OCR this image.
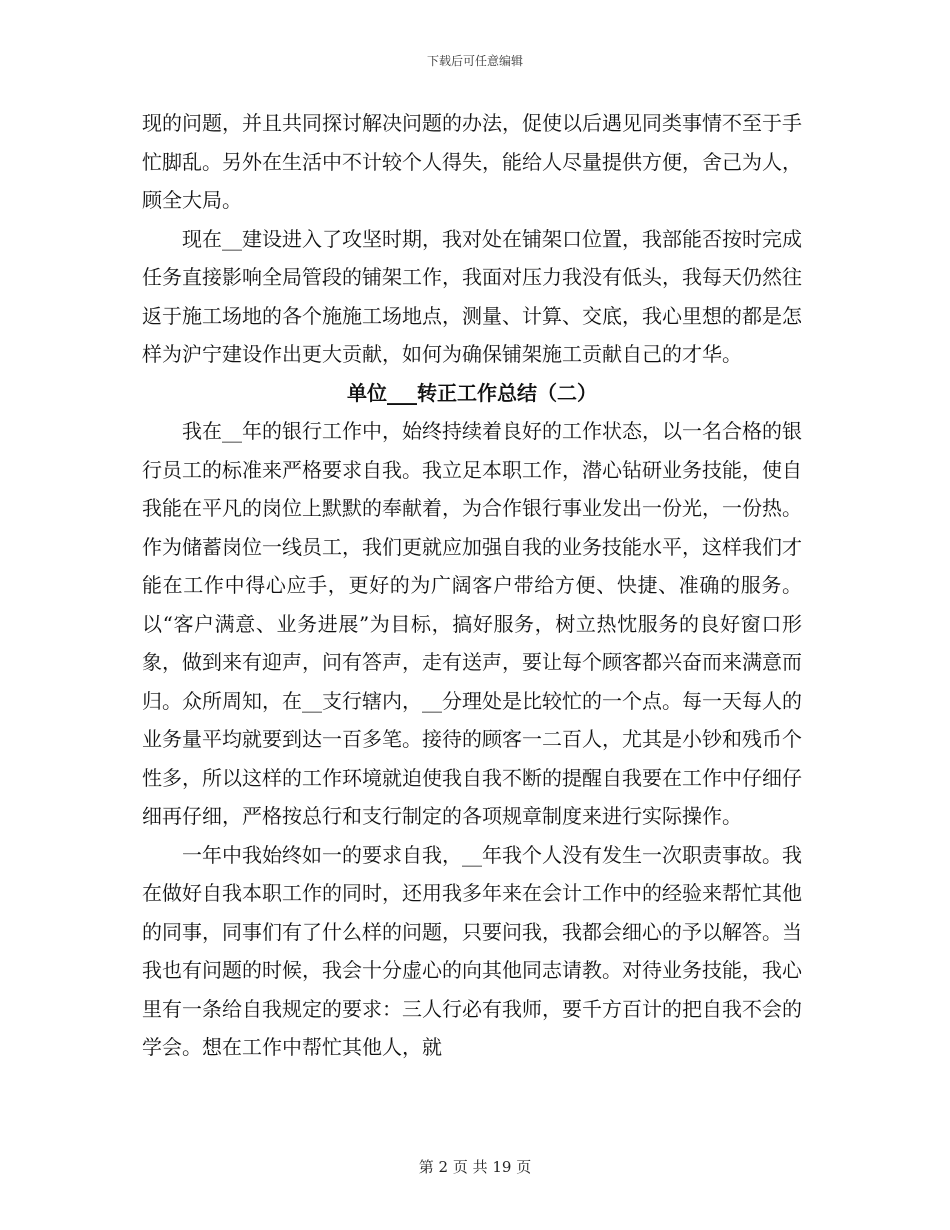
下载后可任意编辑

现的问题，并且共同探讨解决问题的办法，促使以后遇见同类事情不至于手忙脚乱。另外在生活中不计较个人得失，能给人尽量提供方便，舍己为人，顾全大局。

现在__建设进入了攻坚时期，我对处在铺架口位置，我部能否按时完成任务直接影响全局管段的铺架工作，我面对压力我没有低头，我每天仍然往返于施工场地的各个施施工场地点，测量、计算、交底，我心里想的都是怎样为沪宁建设作出更大贡献，如何为确保铺架施工贡献自己的才华。

单位___转正工作总结（二）

我在__年的银行工作中，始终持续着良好的工作状态，以一名合格的银行员工的标准来严格要求自我。我立足本职工作，潜心钻研业务技能，使自我能在平凡的岗位上默默的奉献着，为合作银行事业发出一份光，一份热。作为储蓄岗位一线员工，我们更就应加强自我的业务技能水平，这样我们才能在工作中得心应手，更好的为广阔客户带给方便、快捷、准确的服务。以“客户满意、业务进展”为目标，搞好服务，树立热忱服务的良好窗口形象，做到来有迎声，问有答声，走有送声，要让每个顾客都兴奋而来满意而归。众所周知，在__支行辖内，__分理处是比较忙的一个点。每一天每人的业务量平均就要到达一百多笔。接待的顾客一二百人，尤其是小钞和残币个性多，所以这样的工作环境就迫使我自我不断的提醒自我要在工作中仔细仔细再仔细，严格按总行和支行制定的各项规章制度来进行实际操作。

一年中我始终如一的要求自我，__年我个人没有发生一次职责事故。我在做好自我本职工作的同时，还用我多年来在会计工作中的经验来帮忙其他的同事，同事们有了什么样的问题，只要问我，我都会细心的予以解答。当我也有问题的时候，我会十分虚心的向其他同志请教。对待业务技能，我心里有一条给自我规定的要求：三人行必有我师，要千方百计的把自我不会的学会。想在工作中帮忙其他人，就

第 2 页 共 19 页
